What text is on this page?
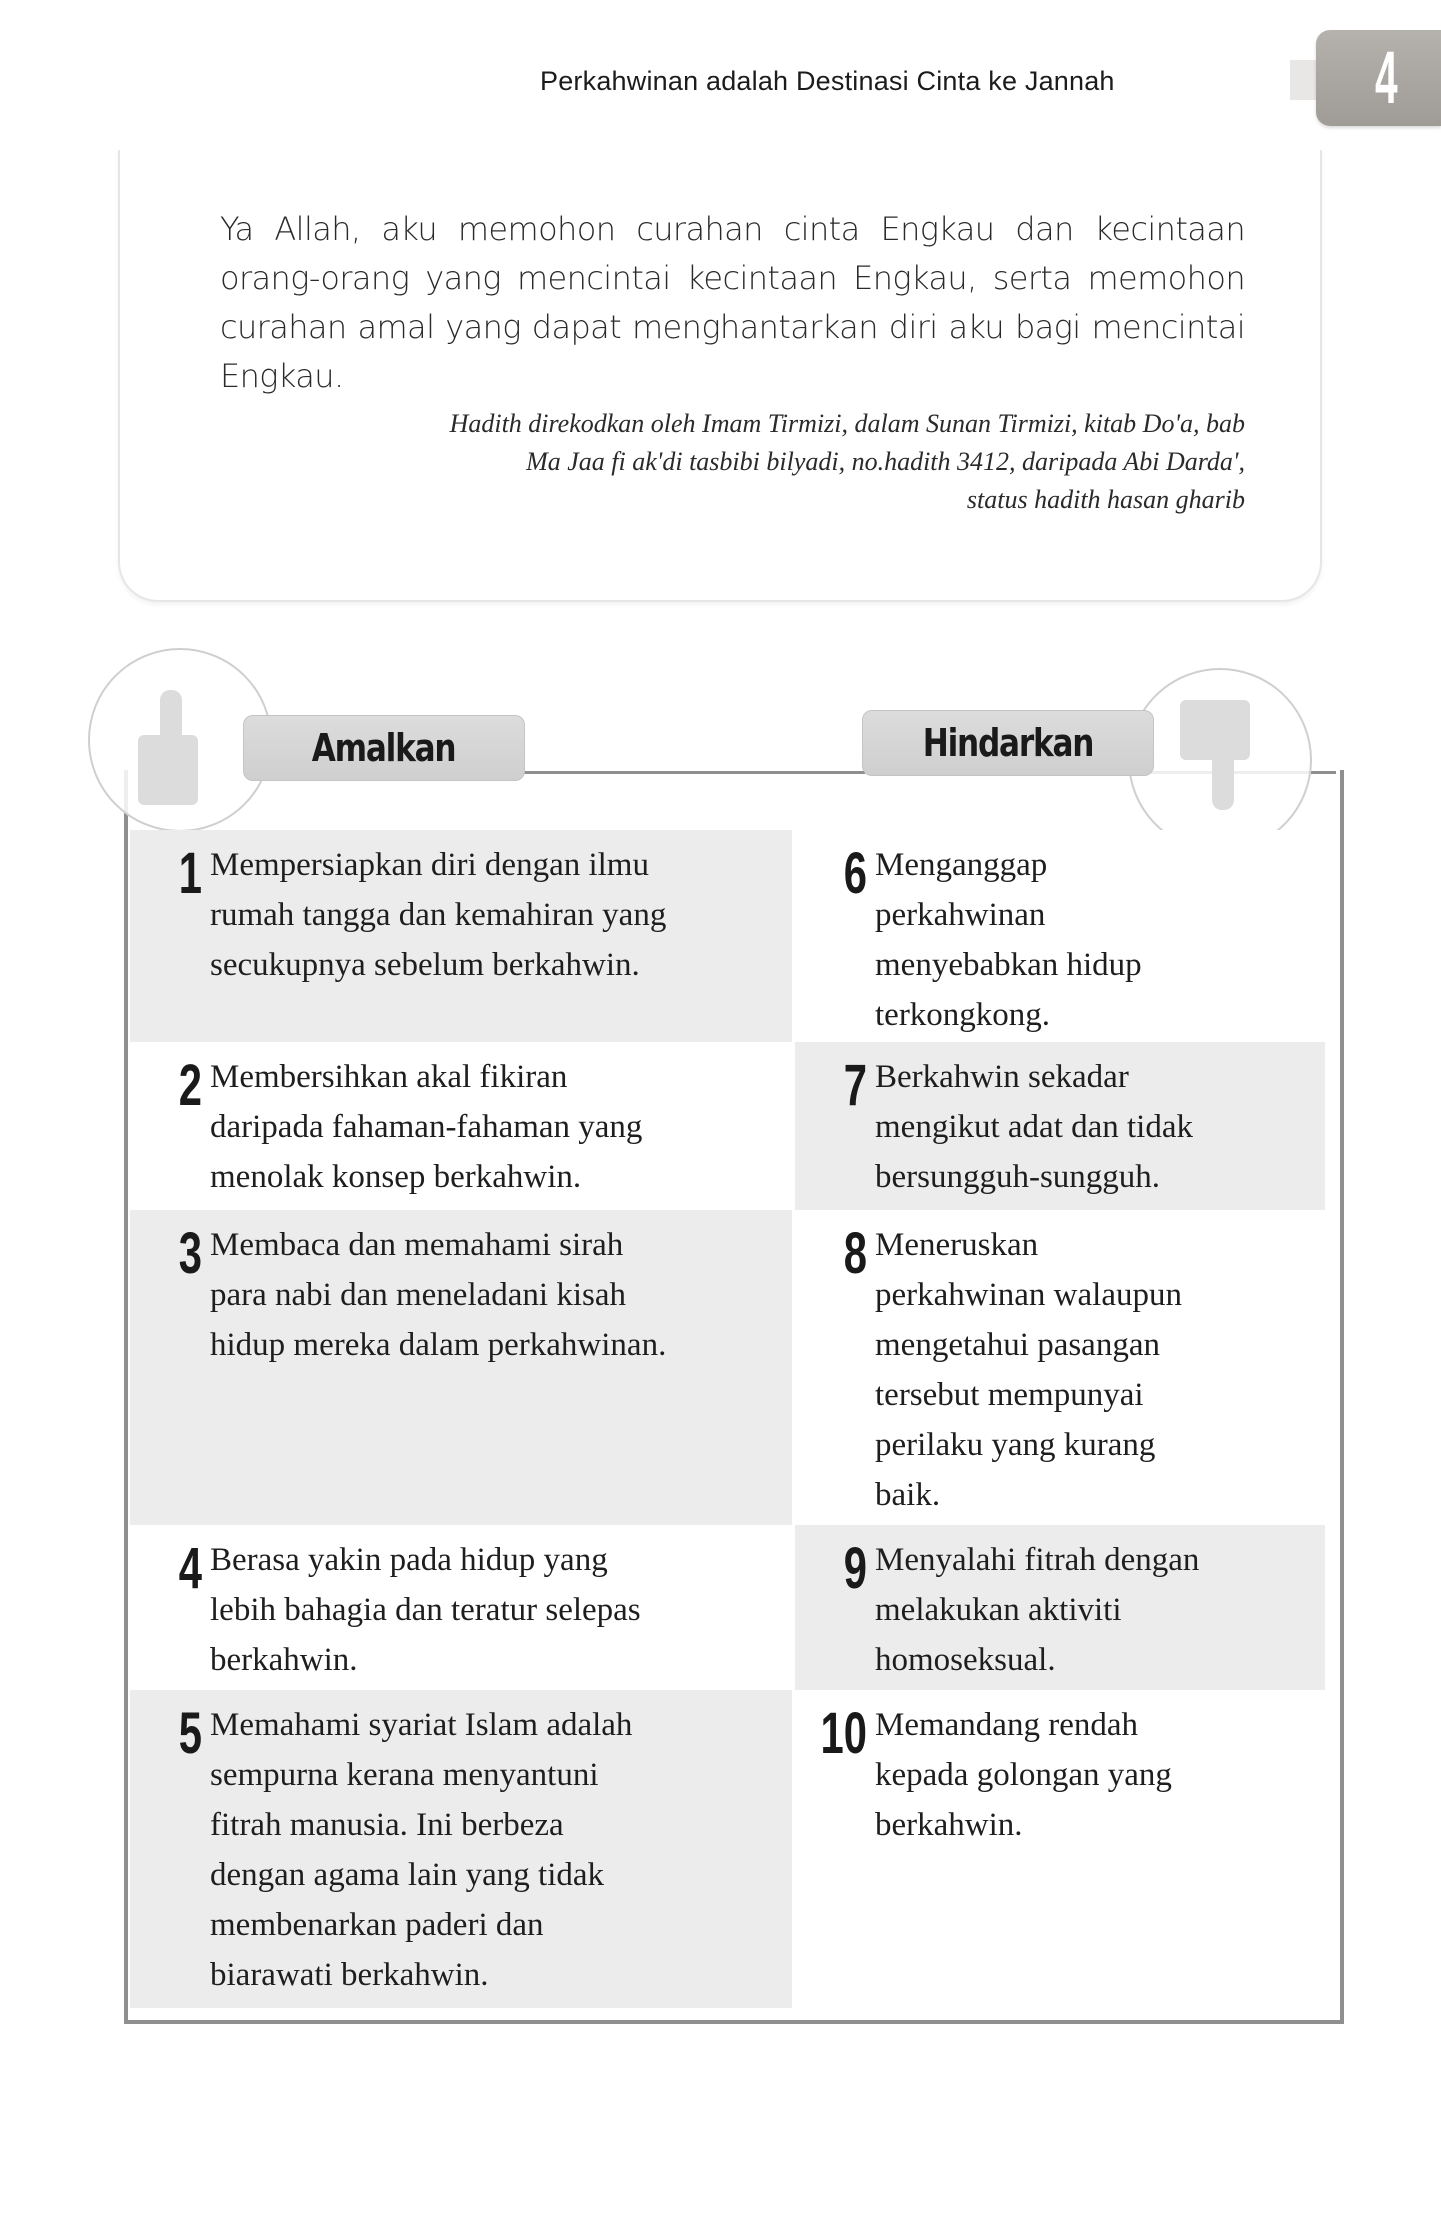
Perkahwinan adalah Destinasi Cinta ke Jannah	4
Ya Allah, aku memohon curahan cinta Engkau dan kecintaan orang-orang yang mencintai kecintaan Engkau, serta memohon curahan amal yang dapat menghantarkan diri aku bagi mencintai Engkau.
Hadith direkodkan oleh Imam Tirmizi, dalam Sunan Tirmizi, kitab Do'a, bab
Ma Jaa fi ak'di tasbibi bilyadi, no.hadith 3412, daripada Abi Darda',
status hadith hasan gharib
Amalkan	Hindarkan
1 Mempersiapkan diri dengan ilmu
rumah tangga dan kemahiran yang
secukupnya sebelum berkahwin.
2 Membersihkan akal fikiran
daripada fahaman-fahaman yang
menolak konsep berkahwin.
3 Membaca dan memahami sirah
para nabi dan meneladani kisah
hidup mereka dalam perkahwinan.
4 Berasa yakin pada hidup yang
lebih bahagia dan teratur selepas
berkahwin.
5 Memahami syariat Islam adalah
sempurna kerana menyantuni
fitrah manusia. Ini berbeza
dengan agama lain yang tidak
membenarkan paderi dan
biarawati berkahwin.
6 Menganggap
perkahwinan
menyebabkan hidup
terkongkong.
7 Berkahwin sekadar
mengikut adat dan tidak
bersungguh-sungguh.
8 Meneruskan
perkahwinan walaupun
mengetahui pasangan
tersebut mempunyai
perilaku yang kurang
baik.
9 Menyalahi fitrah dengan
melakukan aktiviti
homoseksual.
10 Memandang rendah
kepada golongan yang
berkahwin.
